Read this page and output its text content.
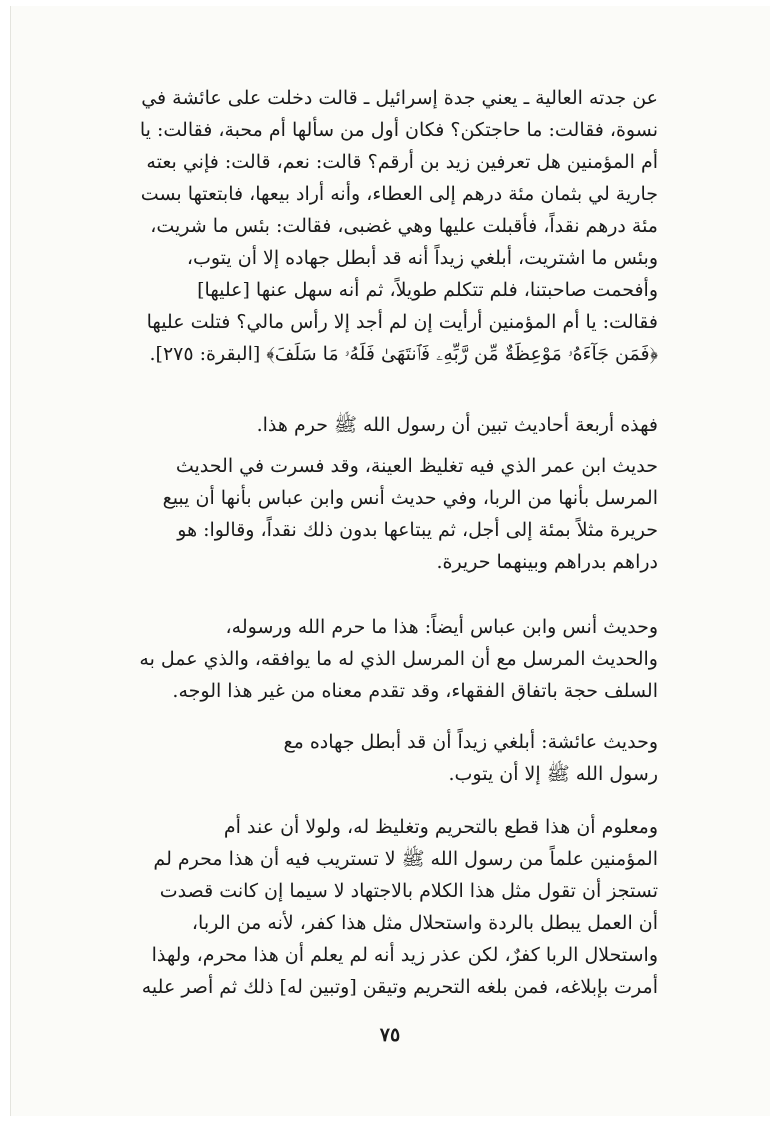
عن جدته العالية ـ يعني جدة إسرائيل ـ قالت دخلت على عائشة في
نسوة، فقالت: ما حاجتكن؟ فكان أول من سألها أم محبة، فقالت: يا
أم المؤمنين هل تعرفين زيد بن أرقم؟ قالت: نعم، قالت: فإني بعته
جارية لي بثمان مئة درهم إلى العطاء، وأنه أراد بيعها، فابتعتها بست
مئة درهم نقداً، فأقبلت عليها وهي غضبى، فقالت: بئس ما شريت،
وبئس ما اشتريت، أبلغي زيداً أنه قد أبطل جهاده إلا أن يتوب،
وأفحمت صاحبتنا، فلم تتكلم طويلاً، ثم أنه سهل عنها [عليها]
فقالت: يا أم المؤمنين أرأيت إن لم أجد إلا رأس مالي؟ فتلت عليها
﴿فَمَن جَآءَهُۥ مَوْعِظَةٌ مِّن رَّبِّهِۦ فَٱنتَهَىٰ فَلَهُۥ مَا سَلَفَ﴾ [البقرة: ٢٧٥].
فهذه أربعة أحاديث تبين أن رسول الله ﷺ حرم هذا.
حديث ابن عمر الذي فيه تغليظ العينة، وقد فسرت في الحديث
المرسل بأنها من الربا، وفي حديث أنس وابن عباس بأنها أن يبيع
حريرة مثلاً بمئة إلى أجل، ثم يبتاعها بدون ذلك نقداً، وقالوا: هو
دراهم بدراهم وبينهما حريرة.
وحديث أنس وابن عباس أيضاً: هذا ما حرم الله ورسوله،
والحديث المرسل مع أن المرسل الذي له ما يوافقه، والذي عمل به
السلف حجة باتفاق الفقهاء، وقد تقدم معناه من غير هذا الوجه.
وحديث عائشة: أبلغي زيداً أن قد أبطل جهاده مع
رسول الله ﷺ إلا أن يتوب.
ومعلوم أن هذا قطع بالتحريم وتغليظ له، ولولا أن عند أم
المؤمنين علماً من رسول الله ﷺ لا تستريب فيه أن هذا محرم لم
تستجز أن تقول مثل هذا الكلام بالاجتهاد لا سيما إن كانت قصدت
أن العمل يبطل بالردة واستحلال مثل هذا كفر، لأنه من الربا،
واستحلال الربا كفرٌ، لكن عذر زيد أنه لم يعلم أن هذا محرم، ولهذا
أمرت بإبلاغه، فمن بلغه التحريم وتيقن [وتبين له] ذلك ثم أصر عليه
٧٥
